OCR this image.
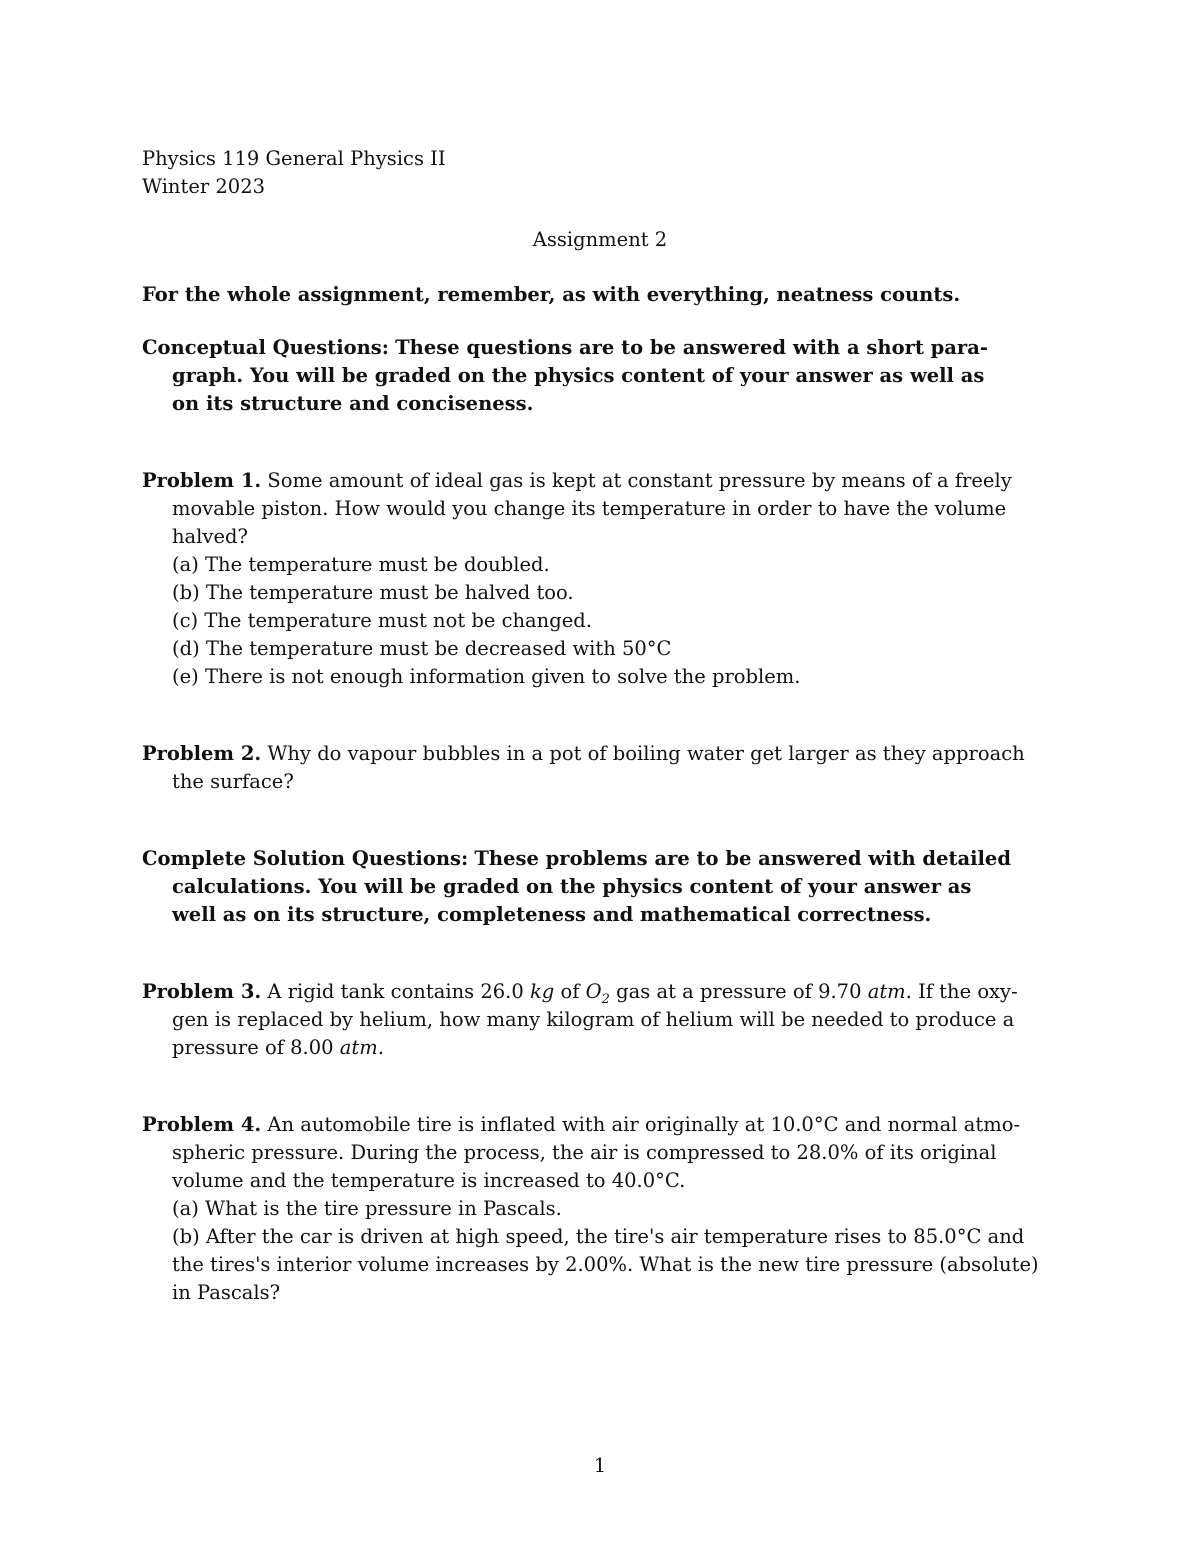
Physics 119 General Physics II
Winter 2023
Assignment 2
For the whole assignment, remember, as with everything, neatness counts.
Conceptual Questions: These questions are to be answered with a short para-
graph. You will be graded on the physics content of your answer as well as
on its structure and conciseness.
Problem 1. Some amount of ideal gas is kept at constant pressure by means of a freely
movable piston. How would you change its temperature in order to have the volume
halved?
(a) The temperature must be doubled.
(b) The temperature must be halved too.
(c) The temperature must not be changed.
(d) The temperature must be decreased with 50°C
(e) There is not enough information given to solve the problem.
Problem 2. Why do vapour bubbles in a pot of boiling water get larger as they approach
the surface?
Complete Solution Questions: These problems are to be answered with detailed
calculations. You will be graded on the physics content of your answer as
well as on its structure, completeness and mathematical correctness.
Problem 3. A rigid tank contains 26.0 kg of $O_2$ gas at a pressure of 9.70 atm. If the oxy-
gen is replaced by helium, how many kilogram of helium will be needed to produce a
pressure of 8.00 atm.
Problem 4. An automobile tire is inflated with air originally at 10.0°C and normal atmo-
spheric pressure. During the process, the air is compressed to 28.0% of its original
volume and the temperature is increased to 40.0°C.
(a) What is the tire pressure in Pascals.
(b) After the car is driven at high speed, the tire's air temperature rises to 85.0°C and
the tires's interior volume increases by 2.00%. What is the new tire pressure (absolute)
in Pascals?
1
